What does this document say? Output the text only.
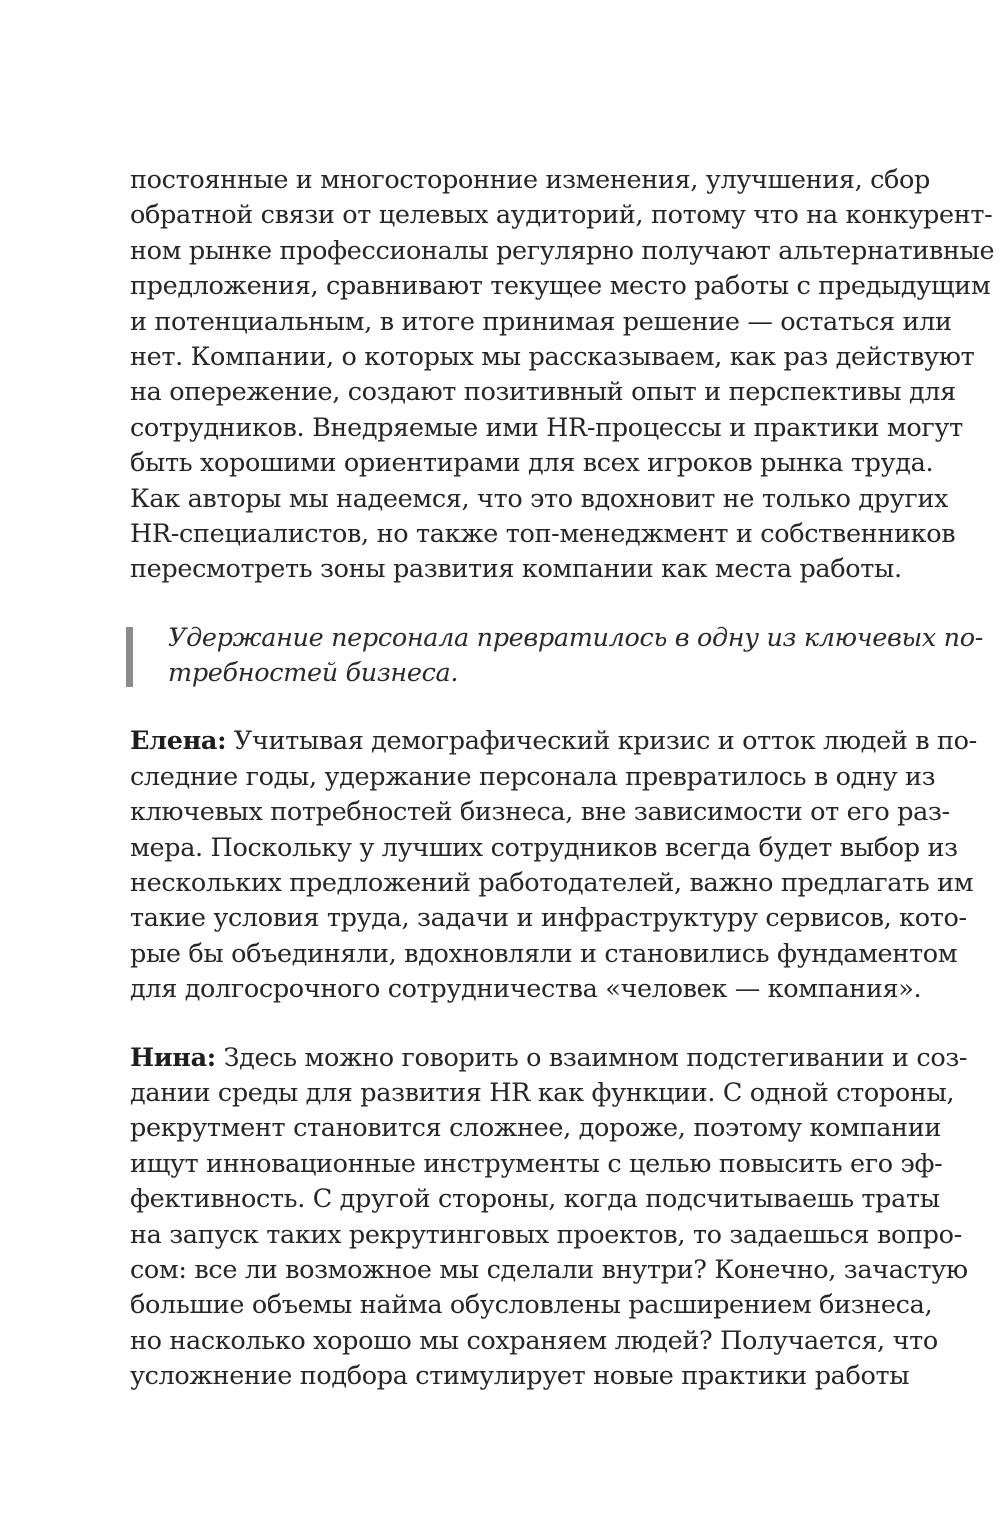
постоянные и многосторонние изменения, улучшения, сбор
обратной связи от целевых аудиторий, потому что на конкурент-
ном рынке профессионалы регулярно получают альтернативные
предложения, сравнивают текущее место работы с предыдущим
и потенциальным, в итоге принимая решение — остаться или
нет. Компании, о которых мы рассказываем, как раз действуют
на опережение, создают позитивный опыт и перспективы для
сотрудников. Внедряемые ими HR-процессы и практики могут
быть хорошими ориентирами для всех игроков рынка труда.
Как авторы мы надеемся, что это вдохновит не только других
HR-специалистов, но также топ-менеджмент и собственников
пересмотреть зоны развития компании как места работы.
Удержание персонала превратилось в одну из ключевых по-
требностей бизнеса.
Елена: Учитывая демографический кризис и отток людей в по-
следние годы, удержание персонала превратилось в одну из
ключевых потребностей бизнеса, вне зависимости от его раз-
мера. Поскольку у лучших сотрудников всегда будет выбор из
нескольких предложений работодателей, важно предлагать им
такие условия труда, задачи и инфраструктуру сервисов, кото-
рые бы объединяли, вдохновляли и становились фундаментом
для долгосрочного сотрудничества «человек — компания».
Нина: Здесь можно говорить о взаимном подстегивании и соз-
дании среды для развития HR как функции. С одной стороны,
рекрутмент становится сложнее, дороже, поэтому компании
ищут инновационные инструменты с целью повысить его эф-
фективность. С другой стороны, когда подсчитываешь траты
на запуск таких рекрутинговых проектов, то задаешься вопро-
сом: все ли возможное мы сделали внутри? Конечно, зачастую
большие объемы найма обусловлены расширением бизнеса,
но насколько хорошо мы сохраняем людей? Получается, что
усложнение подбора стимулирует новые практики работы
